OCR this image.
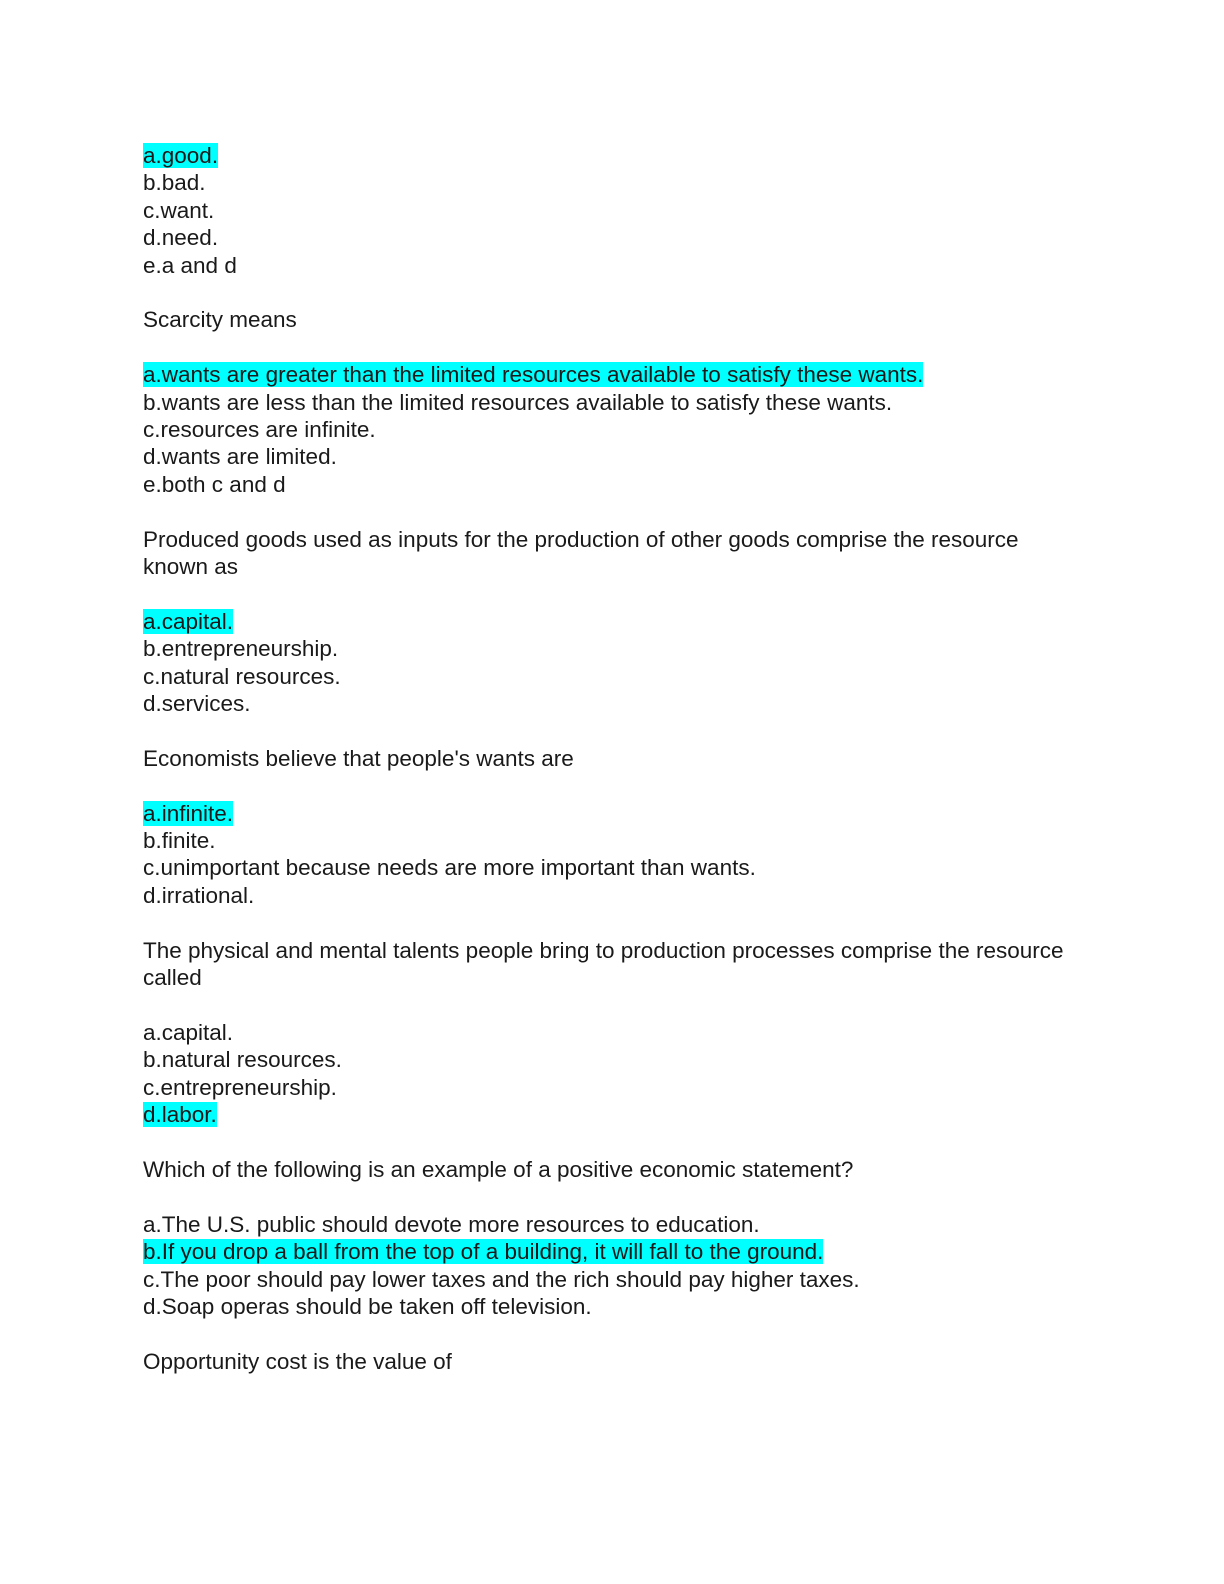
a.good.
b.bad.
c.want.
d.need.
e.a and d
Scarcity means
a.wants are greater than the limited resources available to satisfy these wants.
b.wants are less than the limited resources available to satisfy these wants.
c.resources are infinite.
d.wants are limited.
e.both c and d
Produced goods used as inputs for the production of other goods comprise the resource known as
a.capital.
b.entrepreneurship.
c.natural resources.
d.services.
Economists believe that people's wants are
a.infinite.
b.finite.
c.unimportant because needs are more important than wants.
d.irrational.
The physical and mental talents people bring to production processes comprise the resource called
a.capital.
b.natural resources.
c.entrepreneurship.
d.labor.
Which of the following is an example of a positive economic statement?
a.The U.S. public should devote more resources to education.
b.If you drop a ball from the top of a building, it will fall to the ground.
c.The poor should pay lower taxes and the rich should pay higher taxes.
d.Soap operas should be taken off television.
Opportunity cost is the value of
